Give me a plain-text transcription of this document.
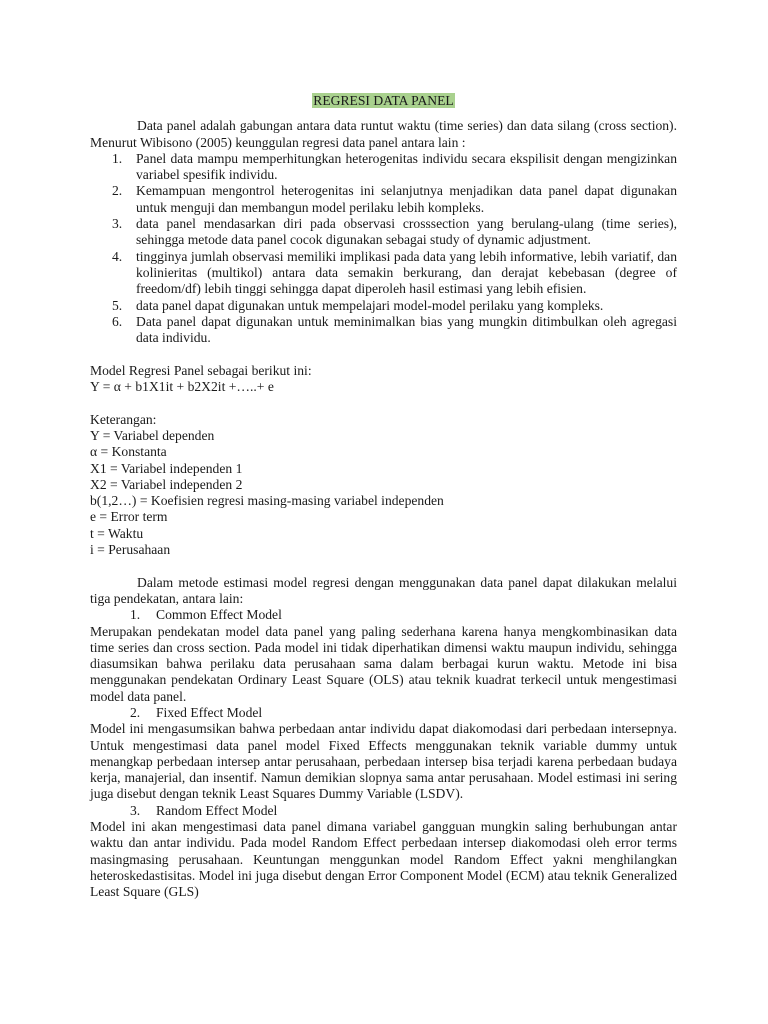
REGRESI DATA PANEL

Data panel adalah gabungan antara data runtut waktu (time series) dan data silang (cross section). Menurut Wibisono (2005) keunggulan regresi data panel antara lain :

1. Panel data mampu memperhitungkan heterogenitas individu secara ekspilisit dengan mengizinkan variabel spesifik individu.
2. Kemampuan mengontrol heterogenitas ini selanjutnya menjadikan data panel dapat digunakan untuk menguji dan membangun model perilaku lebih kompleks.
3. data panel mendasarkan diri pada observasi crosssection yang berulang-ulang (time series), sehingga metode data panel cocok digunakan sebagai study of dynamic adjustment.
4. tingginya jumlah observasi memiliki implikasi pada data yang lebih informative, lebih variatif, dan kolinieritas (multikol) antara data semakin berkurang, dan derajat kebebasan (degree of freedom/df) lebih tinggi sehingga dapat diperoleh hasil estimasi yang lebih efisien.
5. data panel dapat digunakan untuk mempelajari model-model perilaku yang kompleks.
6. Data panel dapat digunakan untuk meminimalkan bias yang mungkin ditimbulkan oleh agregasi data individu.

Model Regresi Panel sebagai berikut ini:

Y = α + b1X1it + b2X2it +…..+ e

Keterangan:

Y = Variabel dependen

α = Konstanta

X1 = Variabel independen 1

X2 = Variabel independen 2

b(1,2…) = Koefisien regresi masing-masing variabel independen

e = Error term

t = Waktu

i = Perusahaan

Dalam metode estimasi model regresi dengan menggunakan data panel dapat dilakukan melalui tiga pendekatan, antara lain:

1. Common Effect Model

Merupakan pendekatan model data panel yang paling sederhana karena hanya mengkombinasikan data time series dan cross section. Pada model ini tidak diperhatikan dimensi waktu maupun individu, sehingga diasumsikan bahwa perilaku data perusahaan sama dalam berbagai kurun waktu. Metode ini bisa menggunakan pendekatan Ordinary Least Square (OLS) atau teknik kuadrat terkecil untuk mengestimasi model data panel.

2. Fixed Effect Model

Model ini mengasumsikan bahwa perbedaan antar individu dapat diakomodasi dari perbedaan intersepnya. Untuk mengestimasi data panel model Fixed Effects menggunakan teknik variable dummy untuk menangkap perbedaan intersep antar perusahaan, perbedaan intersep bisa terjadi karena perbedaan budaya kerja, manajerial, dan insentif. Namun demikian slopnya sama antar perusahaan. Model estimasi ini sering juga disebut dengan teknik Least Squares Dummy Variable (LSDV).

3. Random Effect Model

Model ini akan mengestimasi data panel dimana variabel gangguan mungkin saling berhubungan antar waktu dan antar individu. Pada model Random Effect perbedaan intersep diakomodasi oleh error terms masingmasing perusahaan. Keuntungan menggunkan model Random Effect yakni menghilangkan heteroskedastisitas. Model ini juga disebut dengan Error Component Model (ECM) atau teknik Generalized Least Square (GLS)
